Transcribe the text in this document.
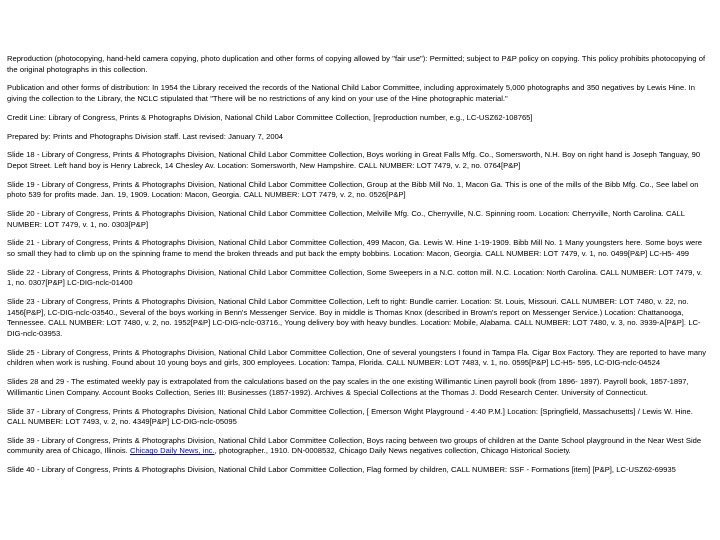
Reproduction (photocopying, hand-held camera copying, photo duplication and other forms of copying allowed by "fair use"): Permitted; subject to P&P policy on copying. This policy prohibits photocopying of the original photographs in this collection.

Publication and other forms of distribution: In 1954 the Library received the records of the National Child Labor Committee, including approximately 5,000 photographs and 350 negatives by Lewis Hine. In giving the collection to the Library, the NCLC stipulated that "There will be no restrictions of any kind on your use of the Hine photographic material."

Credit Line: Library of Congress, Prints & Photographs Division, National Child Labor Committee Collection, [reproduction number, e.g., LC-USZ62-108765]

Prepared by: Prints and Photographs Division staff. Last revised: January 7, 2004

Slide 18 - Library of Congress, Prints & Photographs Division, National Child Labor Committee Collection, Boys working in Great Falls Mfg. Co., Somersworth, N.H. Boy on right hand is Joseph Tanguay, 90 Depot Street. Left hand boy is Henry Labreck, 14 Chesley Av. Location: Somersworth, New Hampshire. CALL NUMBER: LOT 7479, v. 2, no. 0764[P&P]

Slide 19 - Library of Congress, Prints & Photographs Division, National Child Labor Committee Collection, Group at the Bibb Mill No. 1, Macon Ga. This is one of the mills of the Bibb Mfg. Co., See label on photo 539 for profits made. Jan. 19, 1909. Location: Macon, Georgia. CALL NUMBER: LOT 7479, v. 2, no. 0526[P&P]

Slide 20 - Library of Congress, Prints & Photographs Division, National Child Labor Committee Collection, Melville Mfg. Co., Cherryville, N.C. Spinning room. Location: Cherryville, North Carolina. CALL NUMBER: LOT 7479, v. 1, no. 0303[P&P]

Slide 21 - Library of Congress, Prints & Photographs Division, National Child Labor Committee Collection, 499 Macon, Ga. Lewis W. Hine 1-19-1909. Bibb Mill No. 1 Many youngsters here. Some boys were so small they had to climb up on the spinning frame to mend the broken threads and put back the empty bobbins. Location: Macon, Georgia. CALL NUMBER: LOT 7479, v. 1, no. 0499[P&P] LC-H5- 499

Slide 22 - Library of Congress, Prints & Photographs Division, National Child Labor Committee Collection, Some Sweepers in a N.C. cotton mill. N.C. Location: North Carolina. CALL NUMBER: LOT 7479, v. 1, no. 0307[P&P] LC-DIG-nclc-01400

Slide 23 - Library of Congress, Prints & Photographs Division, National Child Labor Committee Collection, Left to right: Bundle carrier. Location: St. Louis, Missouri. CALL NUMBER: LOT 7480, v. 22, no. 1456[P&P], LC-DIG-nclc-03540., Several of the boys working in Benn's Messenger Service. Boy in middle is Thomas Knox (described in Brown's report on Messenger Service.) Location: Chattanooga, Tennessee. CALL NUMBER: LOT 7480, v. 2, no. 1952[P&P] LC-DIG-nclc-03716., Young delivery boy with heavy bundles. Location: Mobile, Alabama. CALL NUMBER: LOT 7480, v. 3, no. 3939-A[P&P]. LC-DIG-nclc-03953.

Slide 25 - Library of Congress, Prints & Photographs Division, National Child Labor Committee Collection, One of several youngsters I found in Tampa Fla. Cigar Box Factory. They are reported to have many children when work is rushing. Found about 10 young boys and girls, 300 employees. Location: Tampa, Florida. CALL NUMBER: LOT 7483, v. 1, no. 0595[P&P] LC-H5- 595, LC-DIG-nclc-04524

Slides 28 and 29 - The estimated weekly pay is extrapolated from the calculations based on the pay scales in the one existing Willimantic Linen payroll book (from 1896- 1897). Payroll book, 1857-1897, Willimantic Linen Company. Account Books Collection, Series III: Businesses (1857-1992). Archives & Special Collections at the Thomas J. Dodd Research Center. University of Connecticut.

Slide 37 - Library of Congress, Prints & Photographs Division, National Child Labor Committee Collection, [ Emerson Wight Playground - 4:40 P.M.] Location: [Springfield, Massachusetts] / Lewis W. Hine. CALL NUMBER: LOT 7493, v. 2, no. 4349[P&P] LC-DIG-nclc-05095

Slide 39 - Library of Congress, Prints & Photographs Division, National Child Labor Committee Collection, Boys racing between two groups of children at the Dante School playground in the Near West Side community area of Chicago, Illinois. Chicago Daily News, inc., photographer., 1910. DN-0008532, Chicago Daily News negatives collection, Chicago Historical Society.

Slide 40 - Library of Congress, Prints & Photographs Division, National Child Labor Committee Collection, Flag formed by children, CALL NUMBER: SSF - Formations [item] [P&P], LC-USZ62-69935
